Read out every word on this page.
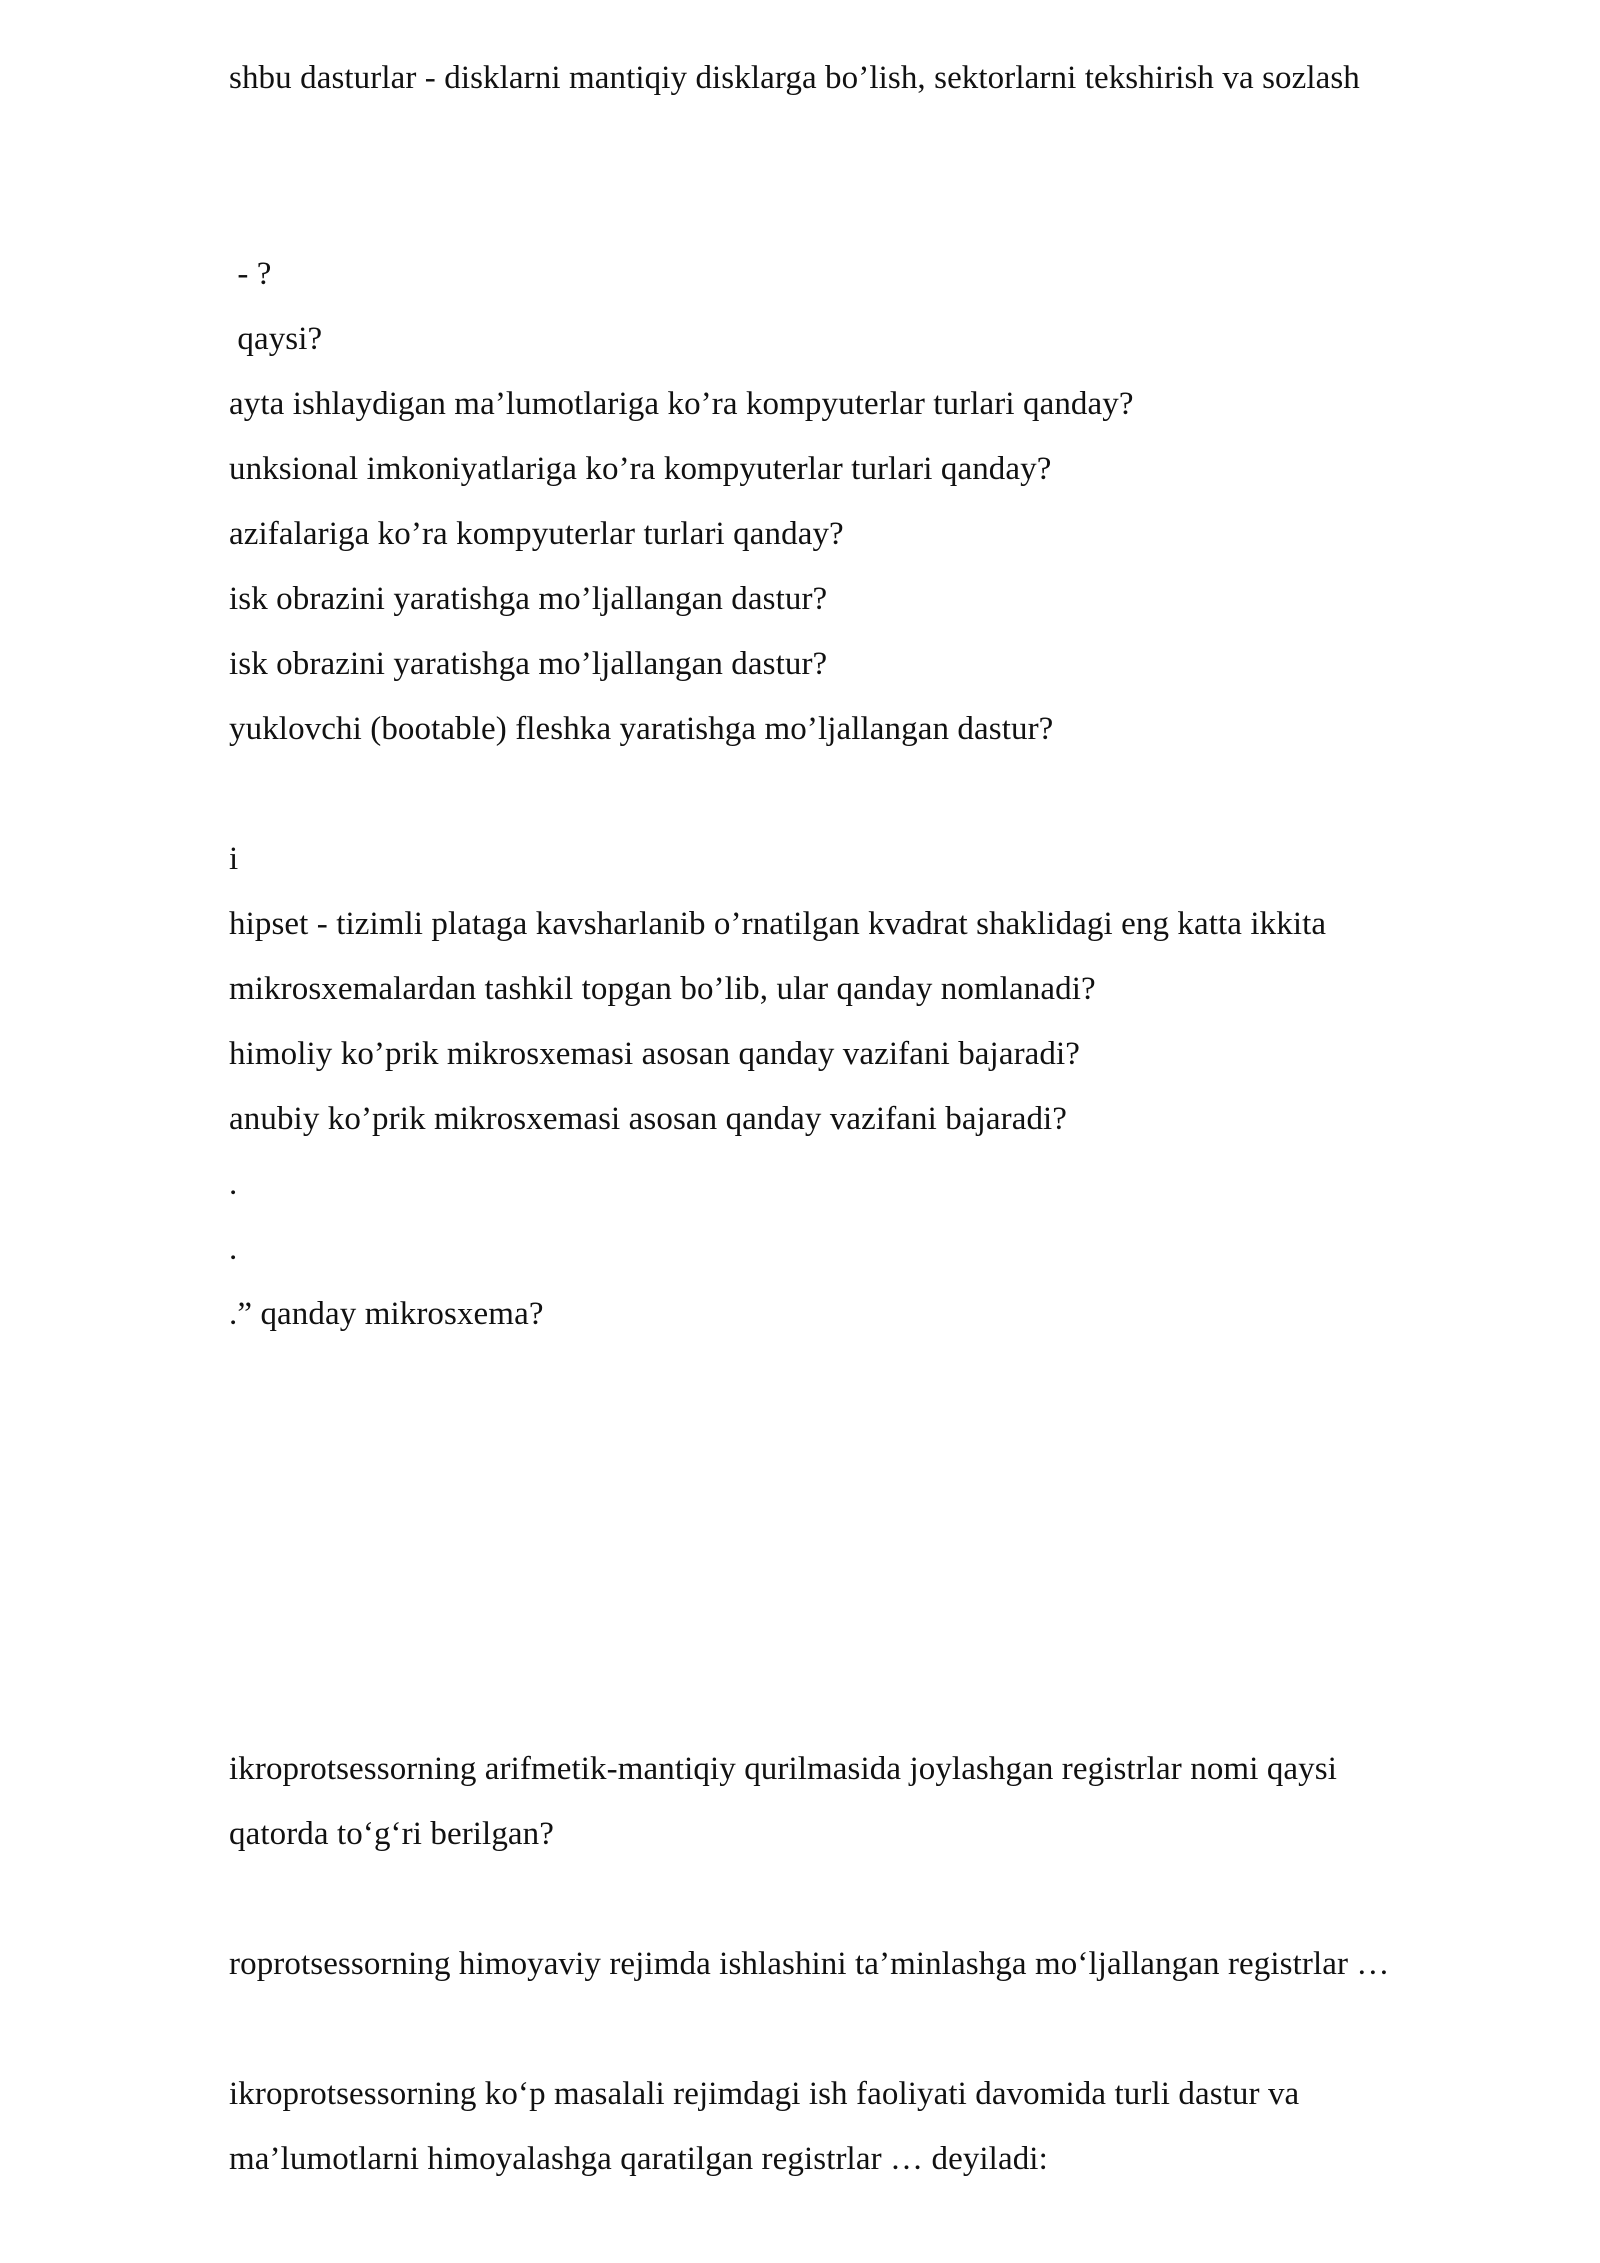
shbu dasturlar - disklarni mantiqiy disklarga bo’lish, sektorlarni tekshirish va sozlash
- ?
qaysi?
ayta ishlaydigan ma’lumotlariga ko’ra kompyuterlar turlari qanday?
unksional imkoniyatlariga ko’ra kompyuterlar turlari qanday?
azifalariga ko’ra kompyuterlar turlari qanday?
isk obrazini yaratishga mo’ljallangan dastur?
isk obrazini yaratishga mo’ljallangan dastur?
yuklovchi (bootable) fleshka yaratishga mo’ljallangan dastur?
i
hipset - tizimli plataga kavsharlanib o’rnatilgan kvadrat shaklidagi eng katta ikkita
mikrosxemalardan tashkil topgan bo’lib, ular qanday nomlanadi?
himoliy ko’prik mikrosxemasi asosan qanday vazifani bajaradi?
anubiy ko’prik mikrosxemasi asosan qanday vazifani bajaradi?
.
.
.” qanday mikrosxema?
ikroprotsessorning arifmetik-mantiqiy qurilmasida joylashgan registrlar nomi qaysi
qatorda to‘g‘ri berilgan?
roprotsessorning himoyaviy rejimda ishlashini ta’minlashga mo‘ljallangan registrlar …
ikroprotsessorning ko‘p masalali rejimdagi ish faoliyati davomida turli dastur va
ma’lumotlarni himoyalashga qaratilgan registrlar … deyiladi:
